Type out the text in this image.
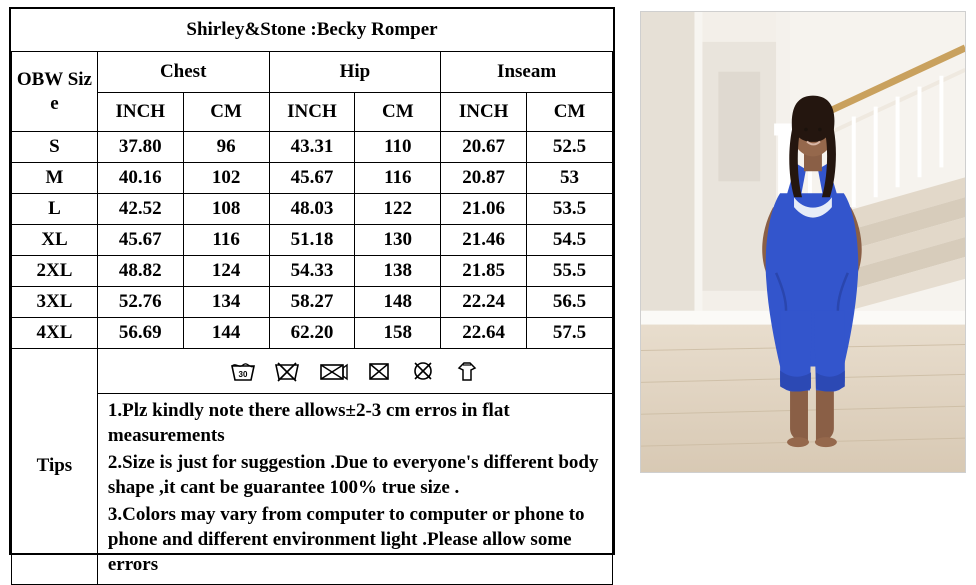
Shirley&Stone :Becky Romper						
OBW Siz e	Chest		Hip		Inseam	
	INCH	CM	INCH	CM	INCH	CM
S	37.80	96	43.31	110	20.67	52.5
M	40.16	102	45.67	116	20.87	53
L	42.52	108	48.03	122	21.06	53.5
XL	45.67	116	51.18	130	21.46	54.5
2XL	48.82	124	54.33	138	21.85	55.5
3XL	52.76	134	58.27	148	22.24	56.5
4XL	56.69	144	62.20	158	22.64	57.5
Tips	30					

	1.Plz kindly note there allows±2-3 cm erros in flat measurements

2.Size is just for suggestion .Due to everyone's different body shape ,it cant be guarantee 100% true size .

3.Colors may vary from computer to computer or phone to phone and different environment light .Please allow some errors					
